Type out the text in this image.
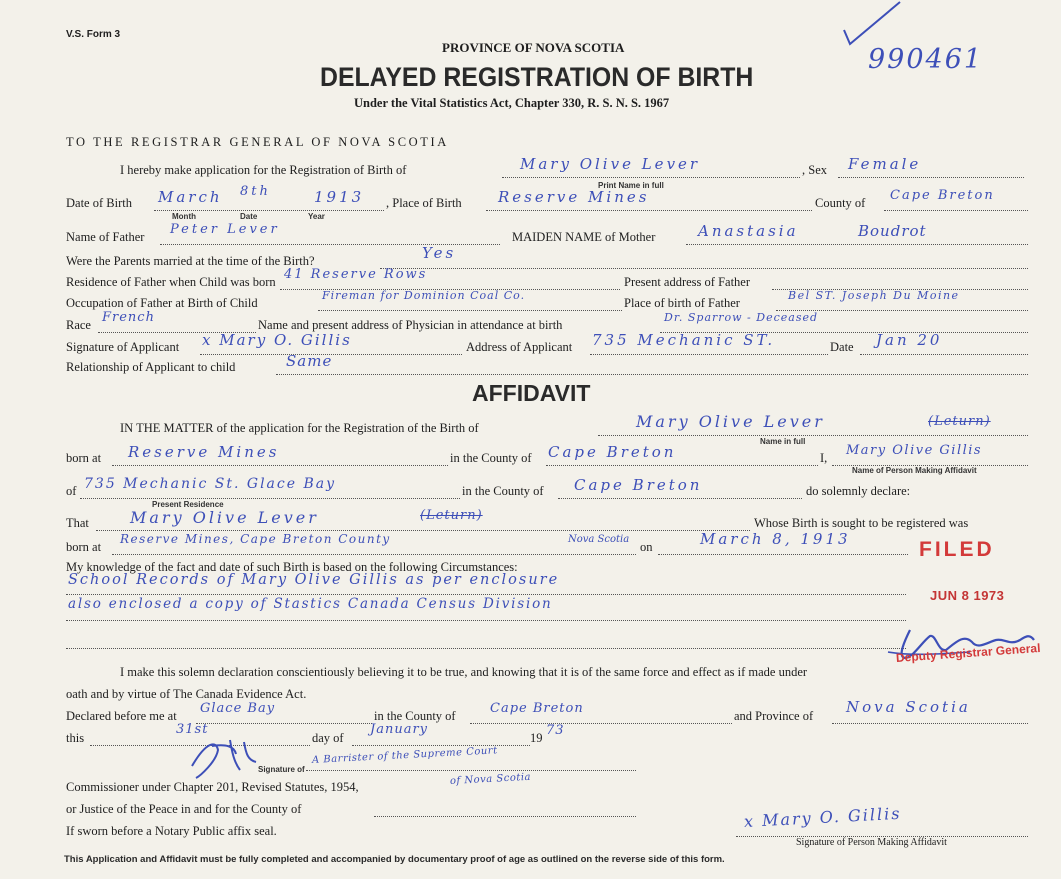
V.S. Form 3
PROVINCE OF NOVA SCOTIA
DELAYED REGISTRATION OF BIRTH
Under the Vital Statistics Act, Chapter 330, R. S. N. S. 1967
990461
TO THE REGISTRAR GENERAL OF NOVA SCOTIA
I hereby make application for the Registration of Birth of	Mary Olive Lever
Print Name in full
, Sex Female
Date of Birth March 8th	1913
Month	Date	Year
, Place of Birth Reserve Mines	County of Cape Breton
Name of Father Peter Lever	MAIDEN NAME of Mother	Anastasia	Boudrot
Were the Parents married at the time of the Birth?	Yes
Residence of Father when Child was born 41 Reserve Rows	Present address of Father
Occupation of Father at Birth of Child
Fireman for Dominion Coal Co.
Place of birth of Father
Bel ST. Joseph Du Moine
Race French	Name and present address of Physician in attendance at birth
Dr. Sparrow - Deceased
Signature of Applicant x Mary O. Gillis	Address of Applicant 735 Mechanic ST.	Date Jan 20
Relationship of Applicant to child	Same
AFFIDAVIT
IN THE MATTER of the application for the Registration of the Birth of	Mary Olive Lever	(Leturn)
Name in full
born at Reserve Mines	in the County of Cape Breton	I, Mary Olive Gillis
Name of Person Making Affidavit
of 735 Mechanic St. Glace Bay
Present Residence
in the County of Cape Breton	do solemnly declare:
That	Mary Olive Lever	(Leturn)	Whose Birth is sought to be registered was
born at
Reserve Mines, Cape Breton County	Nova Scotia
on	March 8, 1913
My knowledge of the fact and date of such Birth is based on the following Circumstances:
School Records of Mary Olive Gillis as per enclosure
also enclosed a copy of Stastics Canada Census Division
FILED
JUN 8 1973
Deputy Registrar General
I make this solemn declaration conscientiously believing it to be true, and knowing that it is of the same force and effect as if made under
oath and by virtue of The Canada Evidence Act.
Declared before me at Glace Bay	in the County of	Cape Breton	and Province of Nova Scotia
this
31st
day of
January
19 73
Signature of
A Barrister of the Supreme Court
of Nova Scotia
Commissioner under Chapter 201, Revised Statutes, 1954,
or Justice of the Peace in and for the County of
If sworn before a Notary Public affix seal.
x Mary O. Gillis
Signature of Person Making Affidavit
This Application and Affidavit must be fully completed and accompanied by documentary proof of age as outlined on the reverse side of this form.
